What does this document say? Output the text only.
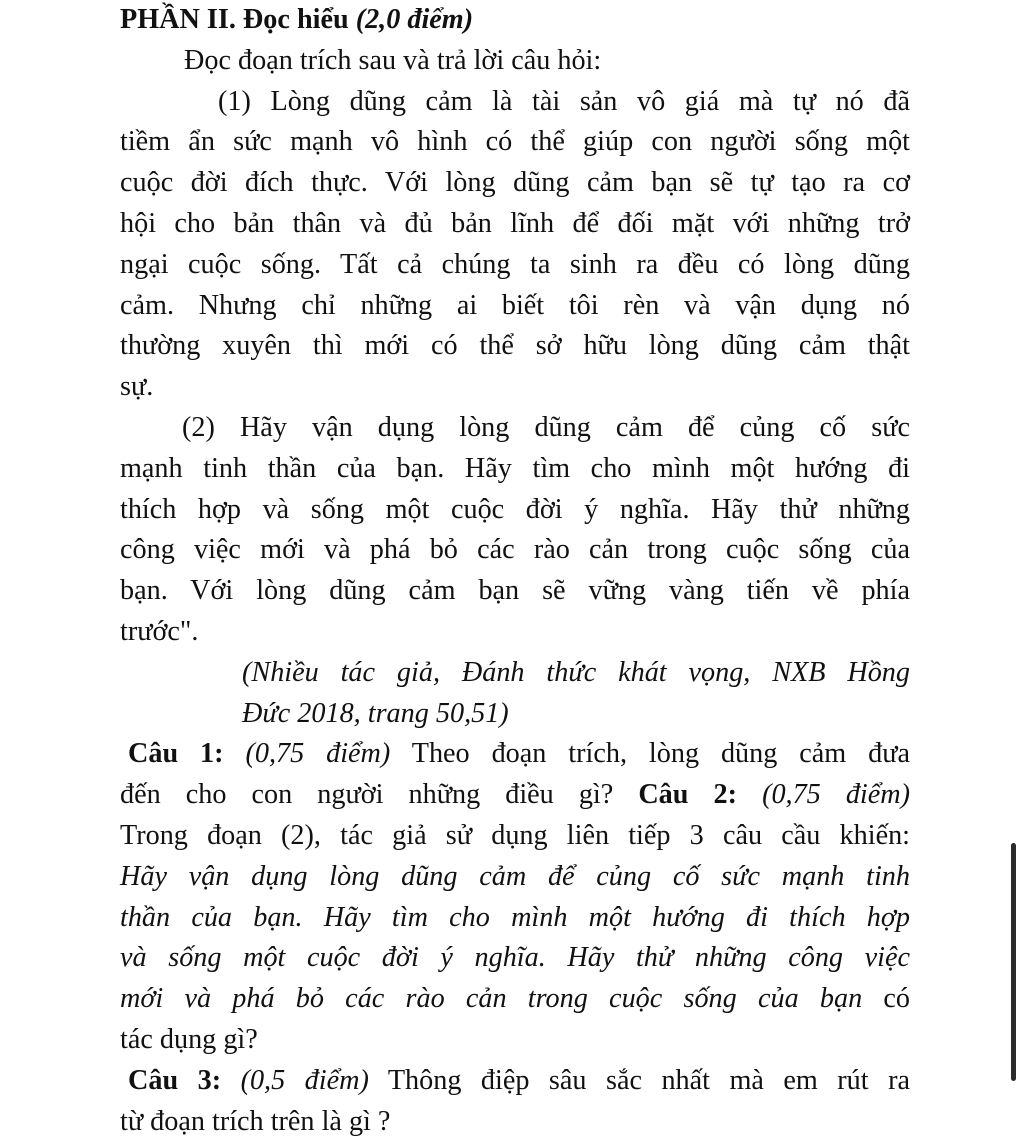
PHẦN II. Đọc hiểu (2,0 điểm)
Đọc đoạn trích sau và trả lời câu hỏi:
(1) Lòng dũng cảm là tài sản vô giá mà tự nó đã
tiềm ẩn sức mạnh vô hình có thể giúp con người sống một
cuộc đời đích thực. Với lòng dũng cảm bạn sẽ tự tạo ra cơ
hội cho bản thân và đủ bản lĩnh để đối mặt với những trở
ngại cuộc sống. Tất cả chúng ta sinh ra đều có lòng dũng
cảm. Nhưng chỉ những ai biết tôi rèn và vận dụng nó
thường xuyên thì mới có thể sở hữu lòng dũng cảm thật
sự.
(2) Hãy vận dụng lòng dũng cảm để củng cố sức
mạnh tinh thần của bạn. Hãy tìm cho mình một hướng đi
thích hợp và sống một cuộc đời ý nghĩa. Hãy thử những
công việc mới và phá bỏ các rào cản trong cuộc sống của
bạn. Với lòng dũng cảm bạn sẽ vững vàng tiến về phía
trước".
(Nhiều tác giả, Đánh thức khát vọng, NXB Hồng
Đức 2018, trang 50,51)
Câu 1: (0,75 điểm) Theo đoạn trích, lòng dũng cảm đưa
đến cho con người những điều gì? Câu 2: (0,75 điểm)
Trong đoạn (2), tác giả sử dụng liên tiếp 3 câu cầu khiến:
Hãy vận dụng lòng dũng cảm để củng cố sức mạnh tinh
thần của bạn. Hãy tìm cho mình một hướng đi thích hợp
và sống một cuộc đời ý nghĩa. Hãy thử những công việc
mới và phá bỏ các rào cản trong cuộc sống của bạn có
tác dụng gì?
Câu 3: (0,5 điểm) Thông điệp sâu sắc nhất mà em rút ra
từ đoạn trích trên là gì ?
